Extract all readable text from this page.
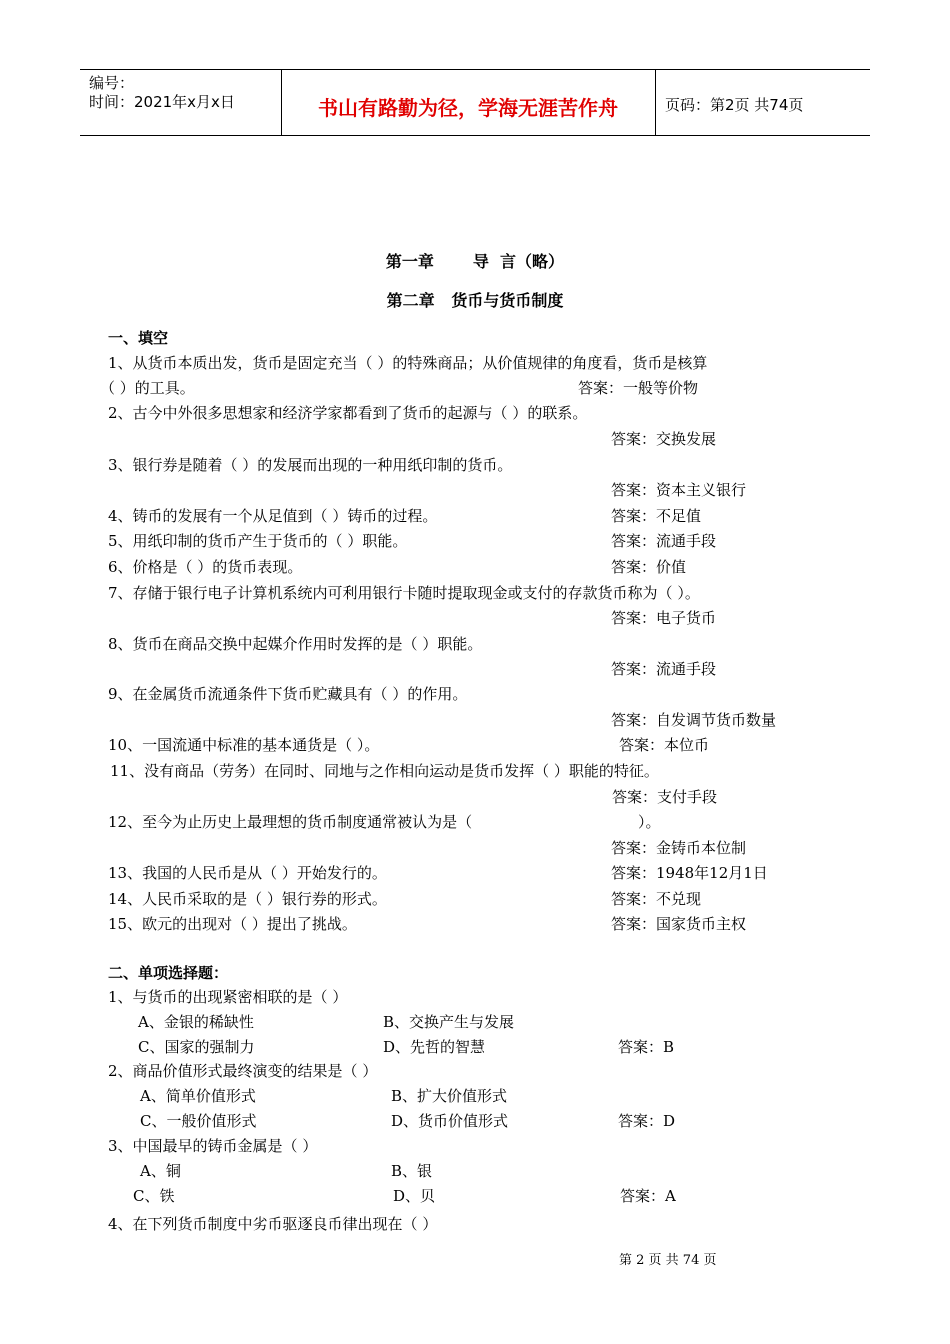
编号：
时间：2021年x月x日	书山有路勤为径，学海无涯苦作舟	页码：第2页 共74页
第一章       导  言（略）
第二章   货币与货币制度
一、填空
1、从货币本质出发，货币是固定充当（ ）的特殊商品；从价值规律的角度看，货币是核算
（ ）的工具。	答案：一般等价物
2、古今中外很多思想家和经济学家都看到了货币的起源与（ ）的联系。
答案：交换发展
3、银行券是随着（ ）的发展而出现的一种用纸印制的货币。
答案：资本主义银行
4、铸币的发展有一个从足值到（ ）铸币的过程。	答案：不足值
5、用纸印制的货币产生于货币的（ ）职能。	答案：流通手段
6、价格是（ ）的货币表现。	答案：价值
7、存储于银行电子计算机系统内可利用银行卡随时提取现金或支付的存款货币称为（ ）。
答案：电子货币
8、货币在商品交换中起媒介作用时发挥的是（ ）职能。
答案：流通手段
9、在金属货币流通条件下货币贮藏具有（ ）的作用。
答案：自发调节货币数量
10、一国流通中标准的基本通货是（ ）。	答案：本位币
11、没有商品（劳务）在同时、同地与之作相向运动是货币发挥（ ）职能的特征。
答案：支付手段
12、至今为止历史上最理想的货币制度通常被认为是（	）。
答案：金铸币本位制
13、我国的人民币是从（ ）开始发行的。	答案：1948年12月1日
14、人民币采取的是（ ）银行券的形式。	答案：不兑现
15、欧元的出现对（ ）提出了挑战。	答案：国家货币主权
二、单项选择题：
1、与货币的出现紧密相联的是（ ）
A、金银的稀缺性	B、交换产生与发展
C、国家的强制力	D、先哲的智慧	答案：B
2、商品价值形式最终演变的结果是（ ）
A、简单价值形式	B、扩大价值形式
C、一般价值形式	D、货币价值形式	答案：D
3、中国最早的铸币金属是（ ）
A、铜	B、银
C、铁	D、贝	答案：A
4、在下列货币制度中劣币驱逐良币律出现在（ ）
第 2 页 共 74 页
